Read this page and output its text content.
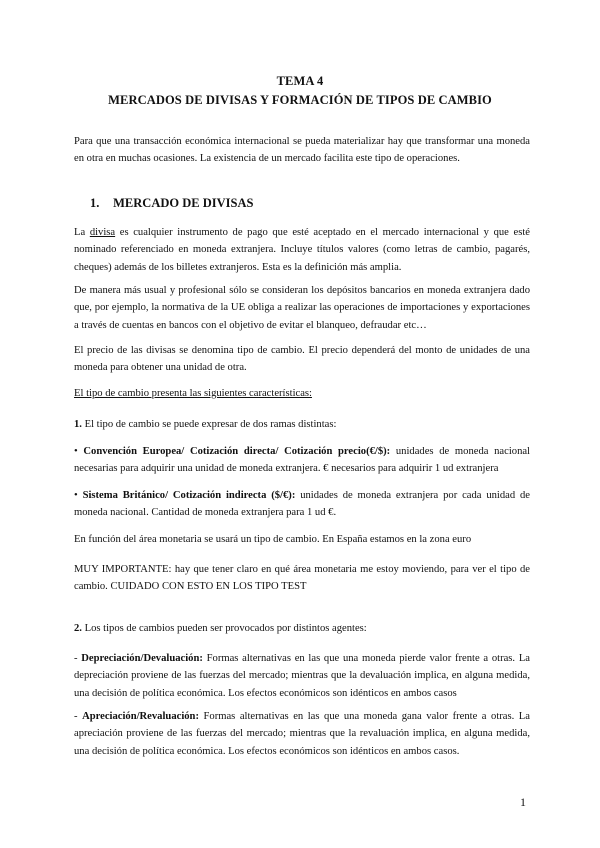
TEMA 4
MERCADOS DE DIVISAS Y FORMACIÓN DE TIPOS DE CAMBIO
Para que una transacción económica internacional se pueda materializar hay que transformar una moneda en otra en muchas ocasiones. La existencia de un mercado facilita este tipo de operaciones.
1. MERCADO DE DIVISAS
La divisa es cualquier instrumento de pago que esté aceptado en el mercado internacional y que esté nominado referenciado en moneda extranjera. Incluye títulos valores (como letras de cambio, pagarés, cheques) además de los billetes extranjeros. Esta es la definición más amplia.
De manera más usual y profesional sólo se consideran los depósitos bancarios en moneda extranjera dado que, por ejemplo, la normativa de la UE obliga a realizar las operaciones de importaciones y exportaciones a través de cuentas en bancos con el objetivo de evitar el blanqueo, defraudar etc…
El precio de las divisas se denomina tipo de cambio. El precio dependerá del monto de unidades de una moneda para obtener una unidad de otra.
El tipo de cambio presenta las siguientes características:
1. El tipo de cambio se puede expresar de dos ramas distintas:
• Convención Europea/ Cotización directa/ Cotización precio(€/$): unidades de moneda nacional necesarias para adquirir una unidad de moneda extranjera. € necesarios para adquirir 1 ud extranjera
• Sistema Británico/ Cotización indirecta ($/€): unidades de moneda extranjera por cada unidad de moneda nacional. Cantidad de moneda extranjera para 1 ud €.
En función del área monetaria se usará un tipo de cambio. En España estamos en la zona euro
MUY IMPORTANTE: hay que tener claro en qué área monetaria me estoy moviendo, para ver el tipo de cambio. CUIDADO CON ESTO EN LOS TIPO TEST
2. Los tipos de cambios pueden ser provocados por distintos agentes:
- Depreciación/Devaluación: Formas alternativas en las que una moneda pierde valor frente a otras. La depreciación proviene de las fuerzas del mercado; mientras que la devaluación implica, en alguna medida, una decisión de política económica. Los efectos económicos son idénticos en ambos casos
- Apreciación/Revaluación: Formas alternativas en las que una moneda gana valor frente a otras. La apreciación proviene de las fuerzas del mercado; mientras que la revaluación implica, en alguna medida, una decisión de política económica. Los efectos económicos son idénticos en ambos casos.
1
